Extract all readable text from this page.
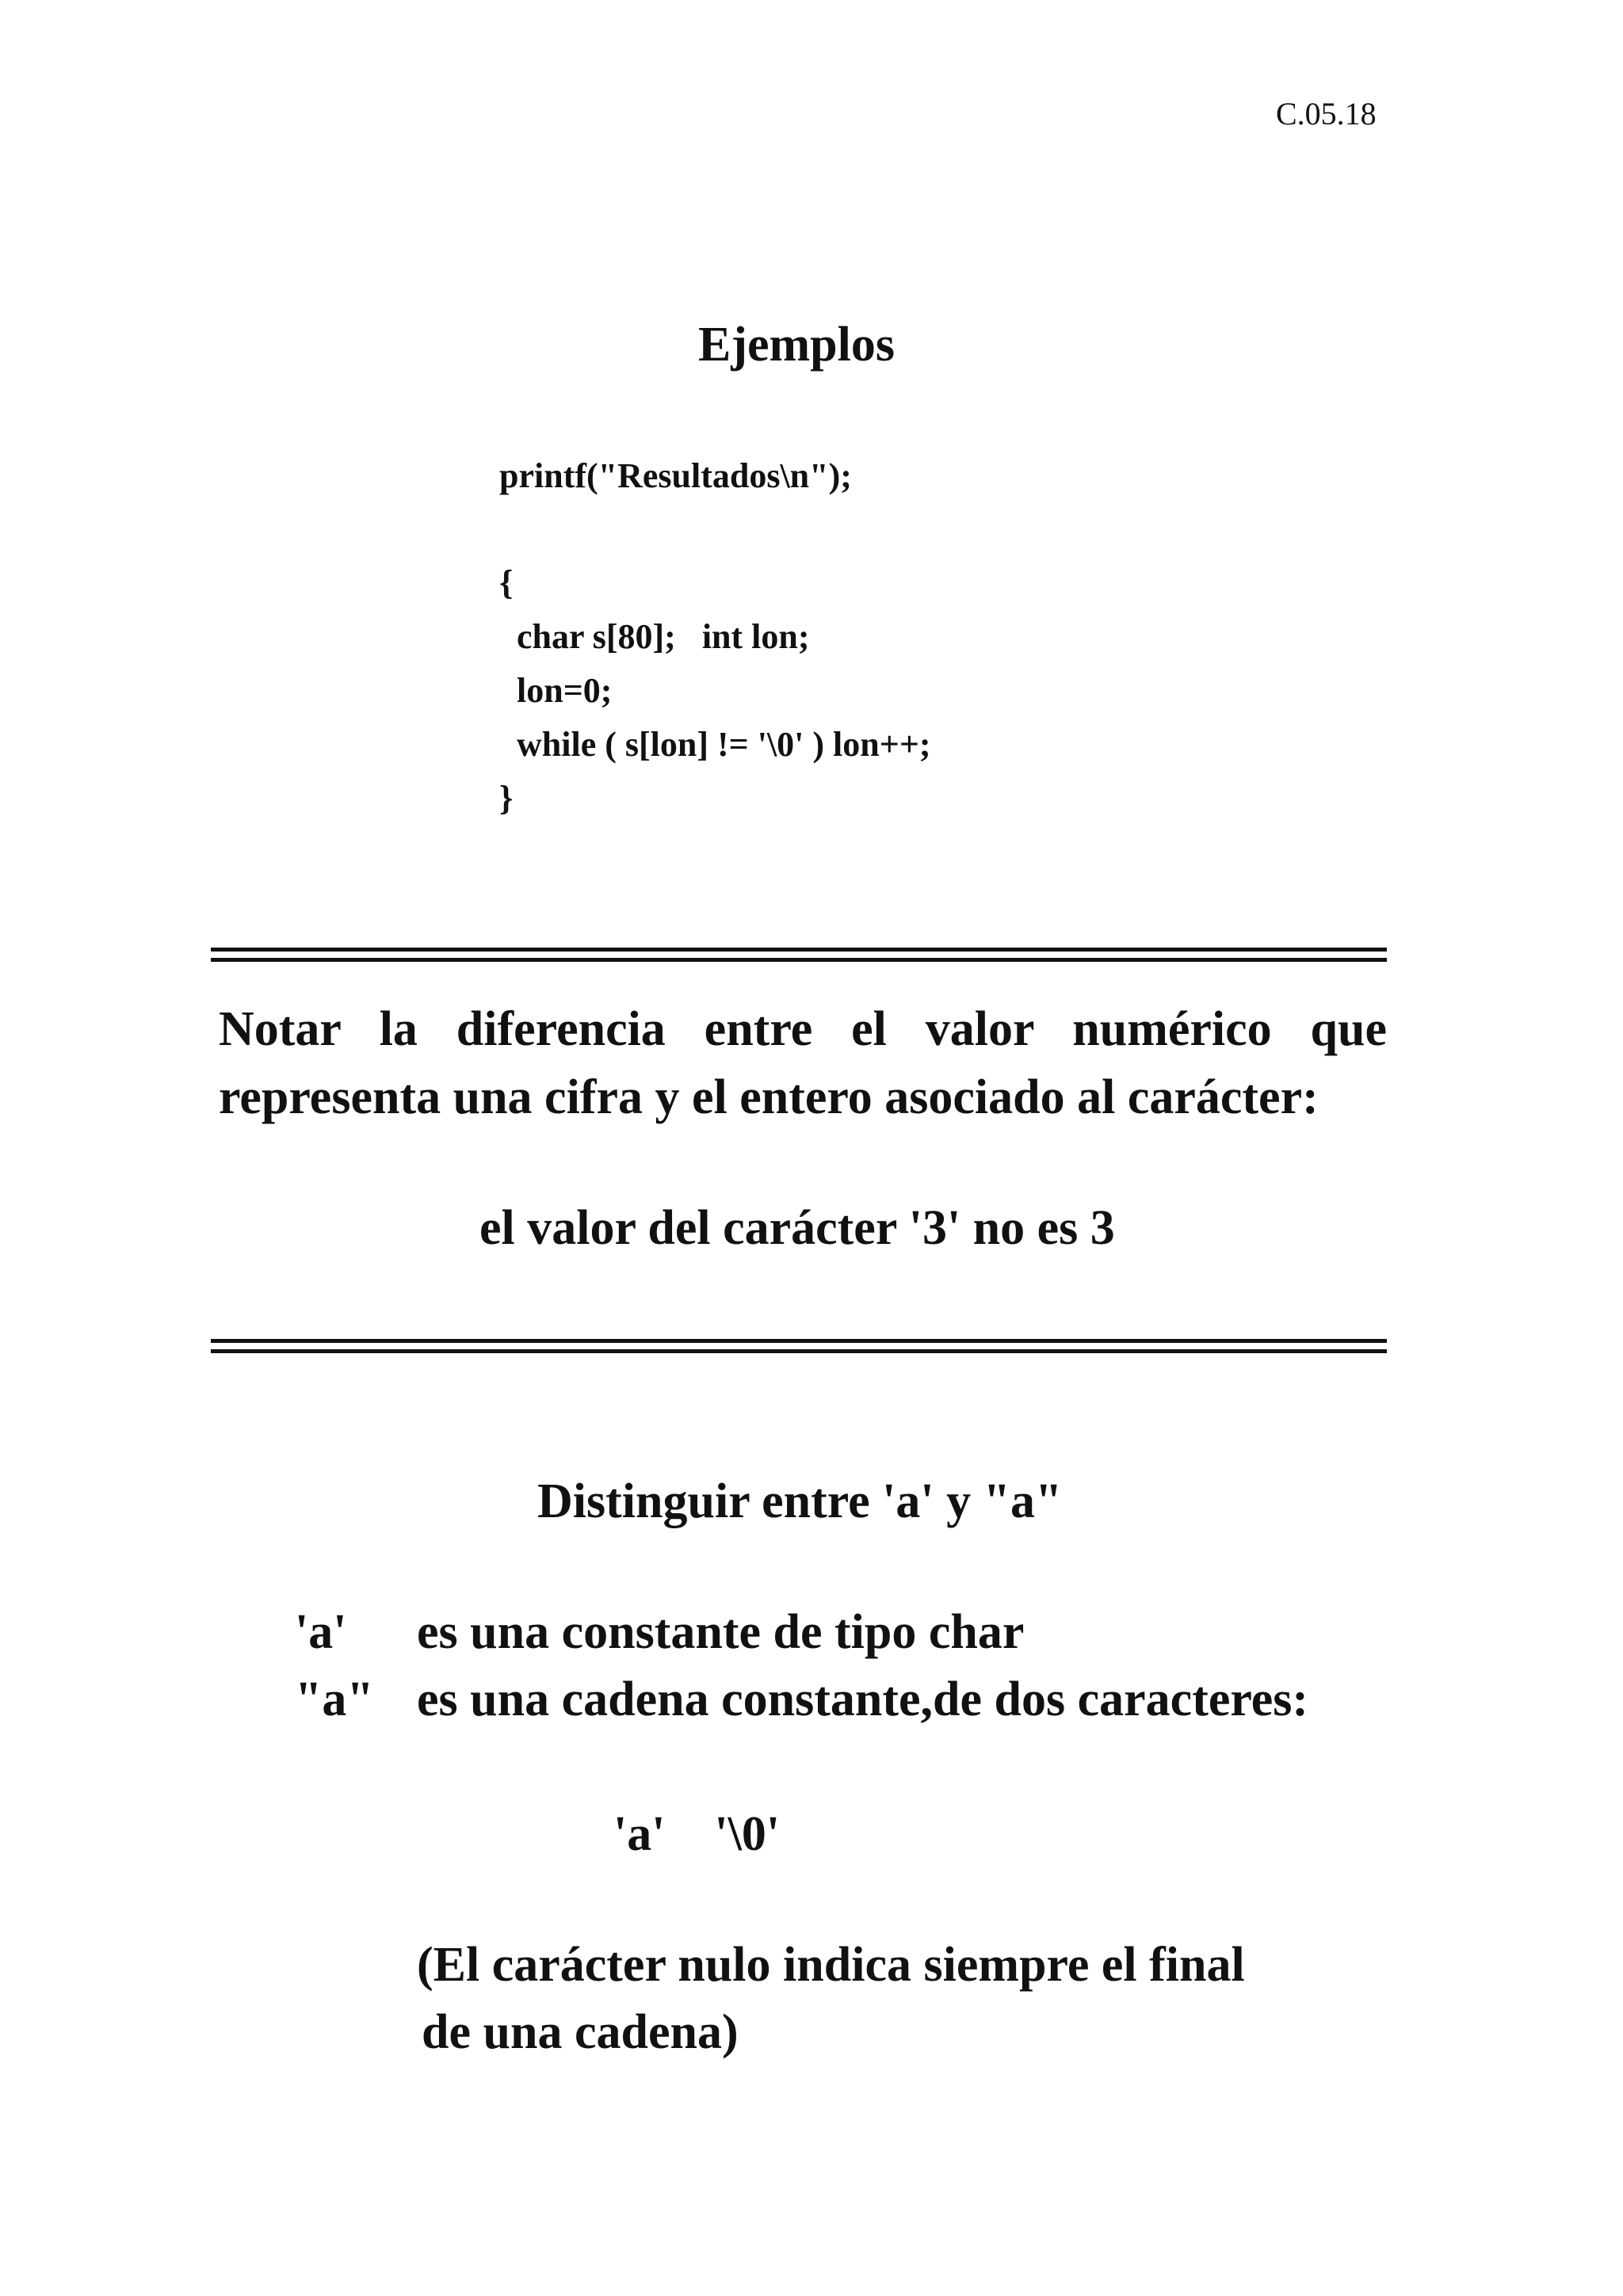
C.05.18
Ejemplos
printf("Resultados\n");
{
char s[80];   int lon;
lon=0;
while ( s[lon] != '\0' ) lon++;
}
Notar la diferencia entre el valor numérico que
representa una cifra y el entero asociado al carácter:
el valor del carácter '3' no es 3
Distinguir entre 'a' y "a"
'a' es una constante de tipo char
"a" es una cadena constante,de dos caracteres:
'a'    '\0'
(El carácter nulo indica siempre el final
de una cadena)
